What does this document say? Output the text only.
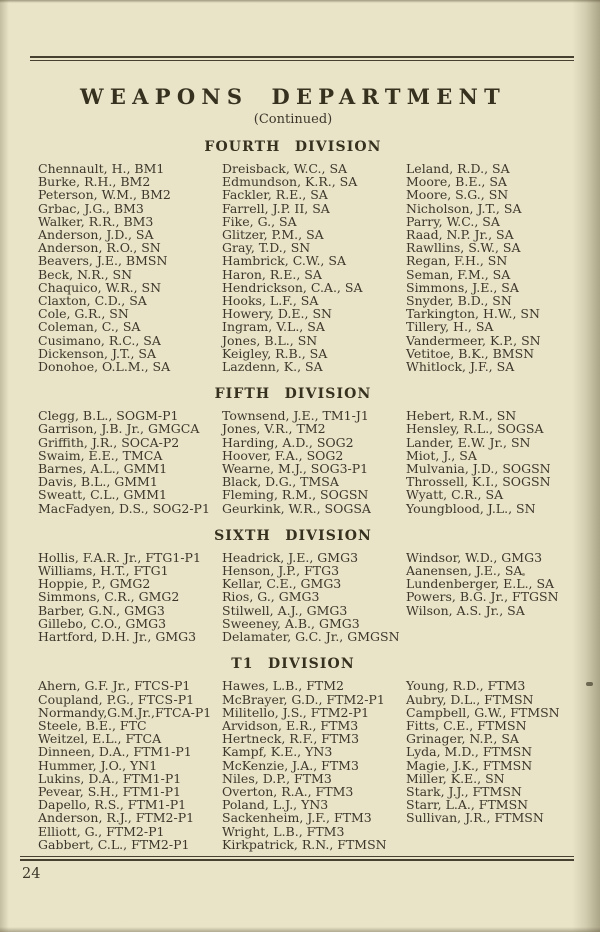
WEAPONS DEPARTMENT
(Continued)
FOURTH DIVISION
Chennault, H., BM1
Burke, R.H., BM2
Peterson, W.M., BM2
Grbac, J.G., BM3
Walker, R.R., BM3
Anderson, J.D., SA
Anderson, R.O., SN
Beavers, J.E., BMSN
Beck, N.R., SN
Chaquico, W.R., SN
Claxton, C.D., SA
Cole, G.R., SN
Coleman, C., SA
Cusimano, R.C., SA
Dickenson, J.T., SA
Donohoe, O.L.M., SA
Dreisback, W.C., SA
Edmundson, K.R., SA
Fackler, R.E., SA
Farrell, J.P. II, SA
Fike, G., SA
Glitzer, P.M., SA
Gray, T.D., SN
Hambrick, C.W., SA
Haron, R.E., SA
Hendrickson, C.A., SA
Hooks, L.F., SA
Howery, D.E., SN
Ingram, V.L., SA
Jones, B.L., SN
Keigley, R.B., SA
Lazdenn, K., SA
Leland, R.D., SA
Moore, B.E., SA
Moore, S.G., SN
Nicholson, J.T., SA
Parry, W.C., SA
Raad, N.P. Jr., SA
Rawllins, S.W., SA
Regan, F.H., SN
Seman, F.M., SA
Simmons, J.E., SA
Snyder, B.D., SN
Tarkington, H.W., SN
Tillery, H., SA
Vandermeer, K.P., SN
Vetitoe, B.K., BMSN
Whitlock, J.F., SA
FIFTH DIVISION
Clegg, B.L., SOGM-P1
Garrison, J.B. Jr., GMGCA
Griffith, J.R., SOCA-P2
Swaim, E.E., TMCA
Barnes, A.L., GMM1
Davis, B.L., GMM1
Sweatt, C.L., GMM1
MacFadyen, D.S., SOG2-P1
Townsend, J.E., TM1-J1
Jones, V.R., TM2
Harding, A.D., SOG2
Hoover, F.A., SOG2
Wearne, M.J., SOG3-P1
Black, D.G., TMSA
Fleming, R.M., SOGSN
Geurkink, W.R., SOGSA
Hebert, R.M., SN
Hensley, R.L., SOGSA
Lander, E.W. Jr., SN
Miot, J., SA
Mulvania, J.D., SOGSN
Throssell, K.I., SOGSN
Wyatt, C.R., SA
Youngblood, J.L., SN
SIXTH DIVISION
Hollis, F.A.R. Jr., FTG1-P1
Williams, H.T., FTG1
Hoppie, P., GMG2
Simmons, C.R., GMG2
Barber, G.N., GMG3
Gillebo, C.O., GMG3
Hartford, D.H. Jr., GMG3
Headrick, J.E., GMG3
Henson, J.P., FTG3
Kellar, C.E., GMG3
Rios, G., GMG3
Stilwell, A.J., GMG3
Sweeney, A.B., GMG3
Delamater, G.C. Jr., GMGSN
Windsor, W.D., GMG3
Aanensen, J.E., SA
Lundenberger, E.L., SA
Powers, B.G. Jr., FTGSN
Wilson, A.S. Jr., SA
T1 DIVISION
Ahern, G.F. Jr., FTCS-P1
Coupland, P.G., FTCS-P1
Normandy,G.M.Jr.,FTCA-P1
Steele, B.E., FTC
Weitzel, E.L., FTCA
Dinneen, D.A., FTM1-P1
Hummer, J.O., YN1
Lukins, D.A., FTM1-P1
Pevear, S.H., FTM1-P1
Dapello, R.S., FTM1-P1
Anderson, R.J., FTM2-P1
Elliott, G., FTM2-P1
Gabbert, C.L., FTM2-P1
Hawes, L.B., FTM2
McBrayer, G.D., FTM2-P1
Militello, J.S., FTM2-P1
Arvidson, E.R., FTM3
Hertneck, R.F., FTM3
Kampf, K.E., YN3
McKenzie, J.A., FTM3
Niles, D.P., FTM3
Overton, R.A., FTM3
Poland, L.J., YN3
Sackenheim, J.F., FTM3
Wright, L.B., FTM3
Kirkpatrick, R.N., FTMSN
Young, R.D., FTM3
Aubry, D.L., FTMSN
Campbell, G.W., FTMSN
Fitts, C.E., FTMSN
Grinager, N.P., SA
Lyda, M.D., FTMSN
Magie, J.K., FTMSN
Miller, K.E., SN
Stark, J.J., FTMSN
Starr, L.A., FTMSN
Sullivan, J.R., FTMSN
24
